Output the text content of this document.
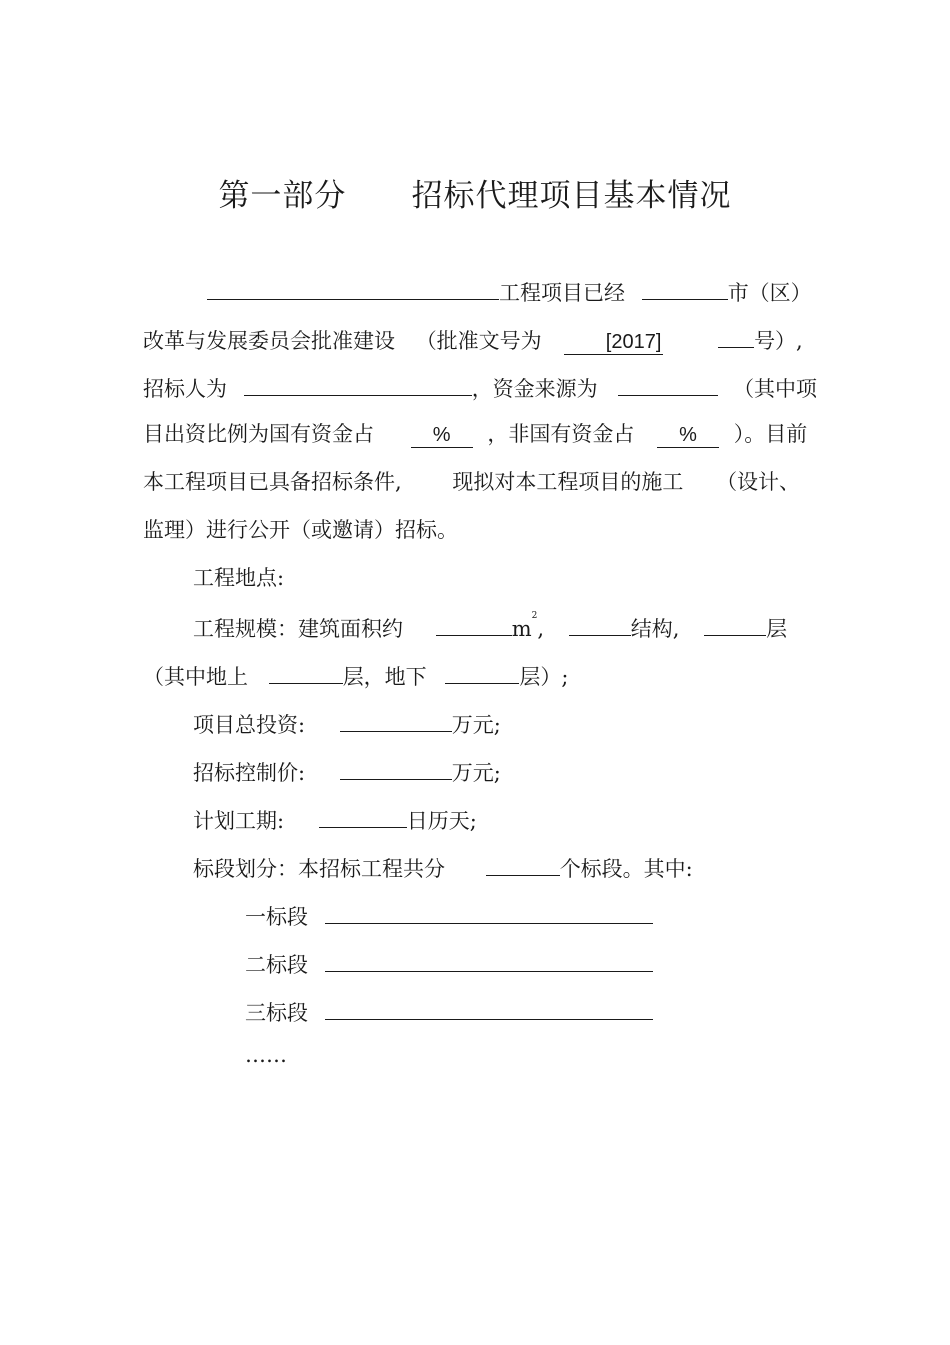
第一部分 招标代理项目基本情况
工程项目已经	市（区）
改革与发展委员会批准建设 （批准文号为	[2017]	号）,
招标人为	，资金来源为	（其中项
目出资比例为国有资金占	% ，非国有资金占 % ）。目前
本工程项目已具备招标条件, 现拟对本工程项目的施工 （设计、
监理）进行公开（或邀请）招标。
工程地点:
工程规模：建筑面积约	$m^2$,	结构,	层
（其中地上	层，地下	层）;
项目总投资:	万元;
招标控制价:	万元;
计划工期:	日历天;
标段划分：本招标工程共分	个标段。其中:
一标段
二标段
三标段
……
